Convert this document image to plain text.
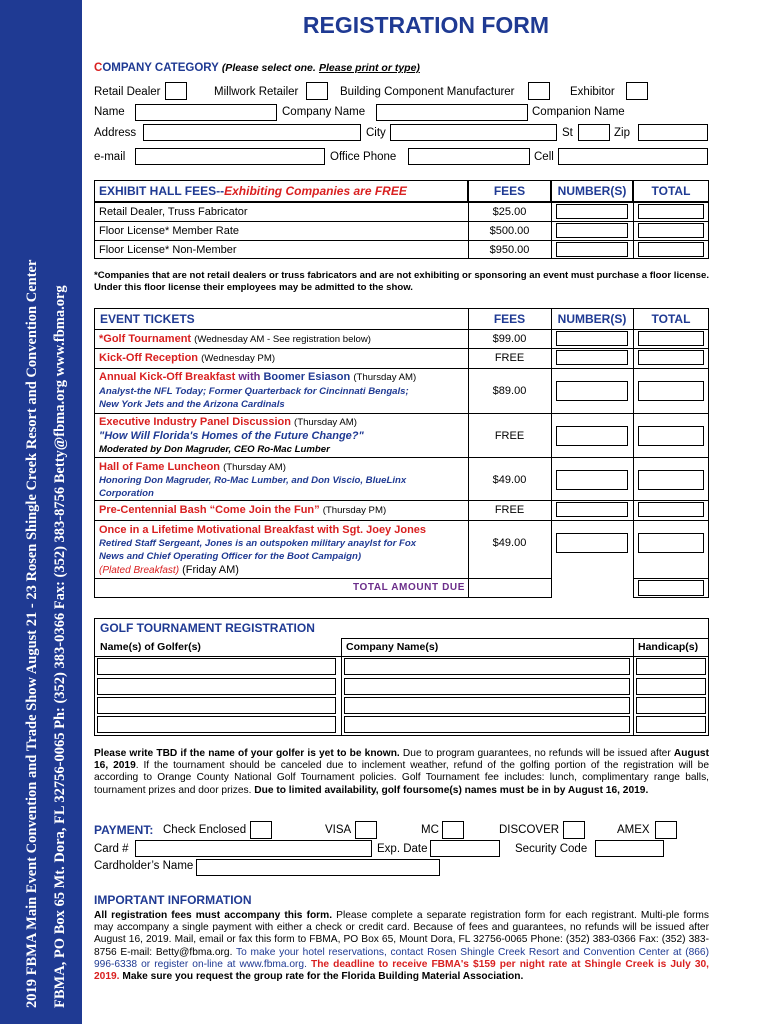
2019 FBMA Main Event Convention and Trade Show August 21 - 23 Rosen Shingle Creek Resort and Convention Center FBMA, PO Box 65 Mt. Dora, FL 32756-0065 Ph: (352) 383-0366 Fax: (352) 383-8756 Betty@fbma.org www.fbma.org
REGISTRATION FORM
COMPANY CATEGORY (Please select one. Please print or type)
Retail Dealer	Millwork Retailer	Building Component Manufacturer	Exhibitor
Name	Company Name	Companion Name
Address	City	St	Zip
e-mail	Office Phone	Cell
EXHIBIT HALL FEES--Exhibiting Companies are FREE	FEES	NUMBER(S)	TOTAL
Retail Dealer, Truss Fabricator	$25.00
Floor License* Member Rate	$500.00
Floor License* Non-Member	$950.00
*Companies that are not retail dealers or truss fabricators and are not exhibiting or sponsoring an event must purchase a floor license. Under this floor license their employees may be admitted to the show.
EVENT TICKETS	FEES	NUMBER(S)	TOTAL
*Golf Tournament (Wednesday AM - See registration below)	$99.00
Kick-Off Reception (Wednesday PM)	FREE
Annual Kick-Off Breakfast with Boomer Esiason (Thursday AM)
Analyst-the NFL Today; Former Quarterback for Cincinnati Bengals;
New York Jets and the Arizona Cardinals
$89.00
Executive Industry Panel Discussion (Thursday AM)
"How Will Florida's Homes of the Future Change?"
Moderated by Don Magruder, CEO Ro-Mac Lumber
FREE
Hall of Fame Luncheon (Thursday AM)
Honoring Don Magruder, Ro-Mac Lumber, and Don Viscio, BlueLinx
Corporation
$49.00
Pre-Centennial Bash “Come Join the Fun” (Thursday PM)	FREE
Once in a Lifetime Motivational Breakfast with Sgt. Joey Jones
Retired Staff Sergeant, Jones is an outspoken military anaylst for Fox
News and Chief Operating Officer for the Boot Campaign)
(Plated Breakfast) (Friday AM)
$49.00
TOTAL AMOUNT DUE
GOLF TOURNAMENT REGISTRATION
Name(s) of Golfer(s)	Company Name(s)	Handicap(s)
Please write TBD if the name of your golfer is yet to be known. Due to program guarantees, no refunds will be issued after August 16, 2019. If the tournament should be canceled due to inclement weather, refund of the golfing portion of the registration will be according to Orange County National Golf Tournament policies. Golf Tournament fee includes: lunch, complimentary range balls, tournament prizes and door prizes. Due to limited availability, golf foursome(s) names must be in by August 16, 2019.
PAYMENT: Check Enclosed	VISA	MC	DISCOVER	AMEX
Card #	Exp. Date	Security Code
Cardholder’s Name
IMPORTANT INFORMATION
All registration fees must accompany this form. Please complete a separate registration form for each registrant. Multi-ple forms may accompany a single payment with either a check or credit card. Because of fees and guarantees, no refunds will be issued after August 16, 2019. Mail, email or fax this form to FBMA, PO Box 65, Mount Dora, FL 32756-0065 Phone: (352) 383-0366 Fax: (352) 383-8756 E-mail: Betty@fbma.org. To make your hotel reservations, contact Rosen Shingle Creek Resort and Convention Center at (866) 996-6338 or register on-line at www.fbma.org. The deadline to receive FBMA's $159 per night rate at Shingle Creek is July 30, 2019. Make sure you request the group rate for the Florida Building Material Association.
